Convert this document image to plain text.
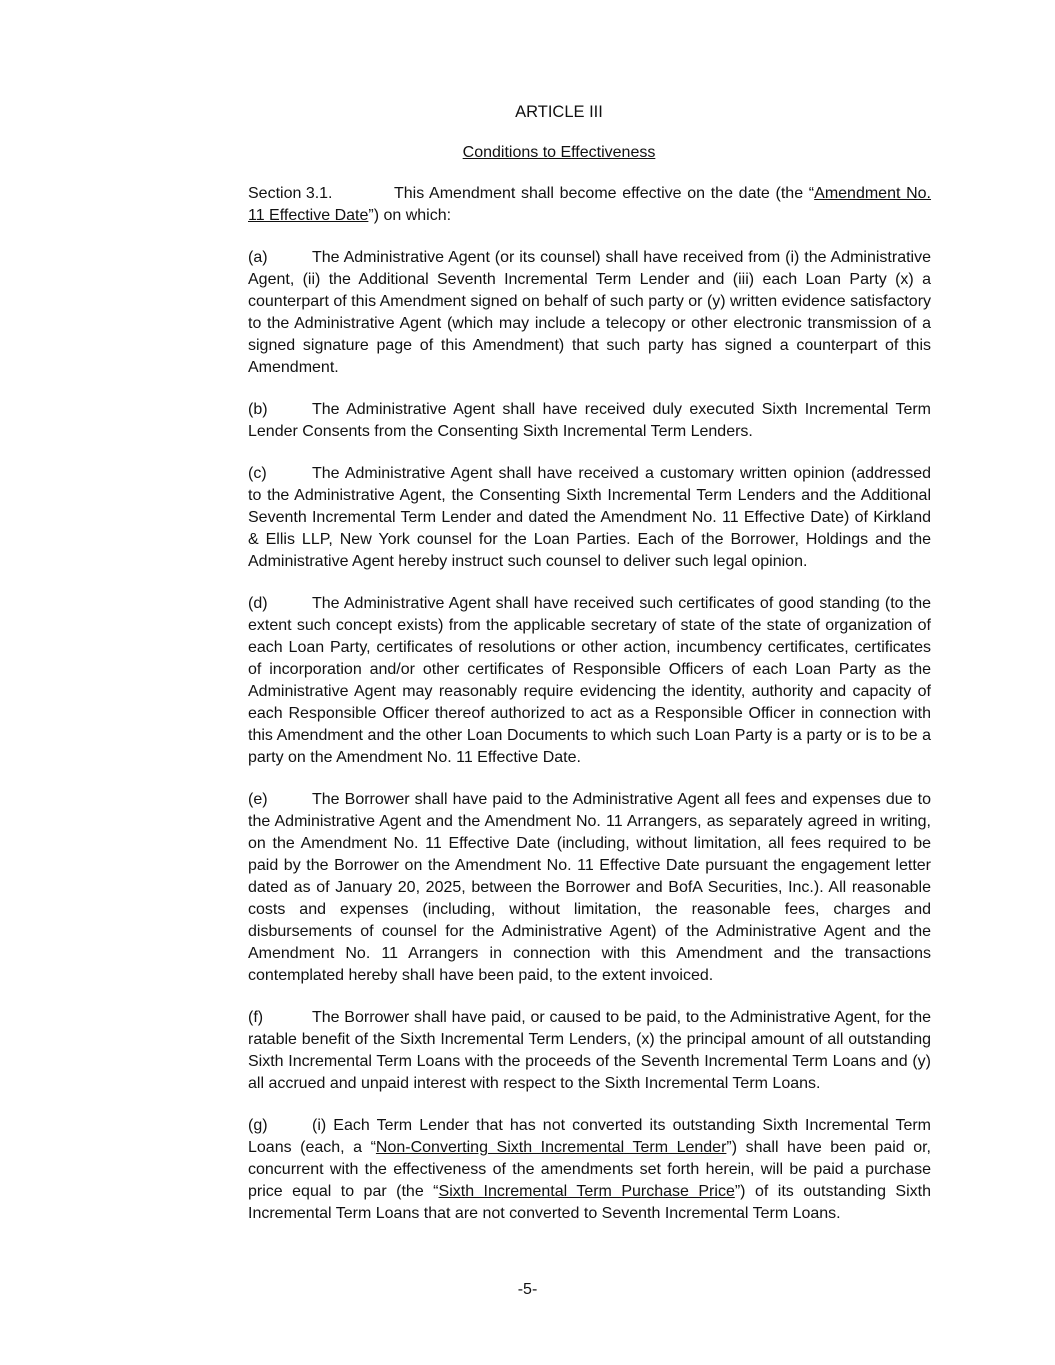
ARTICLE III
Conditions to Effectiveness

Section 3.1.	This Amendment shall become effective on the date (the “Amendment No. 11 Effective Date”) on which:

(a)	The Administrative Agent (or its counsel) shall have received from (i) the Administrative Agent, (ii) the Additional Seventh Incremental Term Lender and (iii) each Loan Party (x) a counterpart of this Amendment signed on behalf of such party or (y) written evidence satisfactory to the Administrative Agent (which may include a telecopy or other electronic transmission of a signed signature page of this Amendment) that such party has signed a counterpart of this Amendment.

(b)	The Administrative Agent shall have received duly executed Sixth Incremental Term Lender Consents from the Consenting Sixth Incremental Term Lenders.

(c)	The Administrative Agent shall have received a customary written opinion (addressed to the Administrative Agent, the Consenting Sixth Incremental Term Lenders and the Additional Seventh Incremental Term Lender and dated the Amendment No. 11 Effective Date) of Kirkland & Ellis LLP, New York counsel for the Loan Parties. Each of the Borrower, Holdings and the Administrative Agent hereby instruct such counsel to deliver such legal opinion.

(d)	The Administrative Agent shall have received such certificates of good standing (to the extent such concept exists) from the applicable secretary of state of the state of organization of each Loan Party, certificates of resolutions or other action, incumbency certificates, certificates of incorporation and/or other certificates of Responsible Officers of each Loan Party as the Administrative Agent may reasonably require evidencing the identity, authority and capacity of each Responsible Officer thereof authorized to act as a Responsible Officer in connection with this Amendment and the other Loan Documents to which such Loan Party is a party or is to be a party on the Amendment No. 11 Effective Date.

(e)	The Borrower shall have paid to the Administrative Agent all fees and expenses due to the Administrative Agent and the Amendment No. 11 Arrangers, as separately agreed in writing, on the Amendment No. 11 Effective Date (including, without limitation, all fees required to be paid by the Borrower on the Amendment No. 11 Effective Date pursuant the engagement letter dated as of January 20, 2025, between the Borrower and BofA Securities, Inc.). All reasonable costs and expenses (including, without limitation, the reasonable fees, charges and disbursements of counsel for the Administrative Agent) of the Administrative Agent and the Amendment No. 11 Arrangers in connection with this Amendment and the transactions contemplated hereby shall have been paid, to the extent invoiced.

(f)	The Borrower shall have paid, or caused to be paid, to the Administrative Agent, for the ratable benefit of the Sixth Incremental Term Lenders, (x) the principal amount of all outstanding Sixth Incremental Term Loans with the proceeds of the Seventh Incremental Term Loans and (y) all accrued and unpaid interest with respect to the Sixth Incremental Term Loans.

(g)	(i) Each Term Lender that has not converted its outstanding Sixth Incremental Term Loans (each, a “Non-Converting Sixth Incremental Term Lender”) shall have been paid or, concurrent with the effectiveness of the amendments set forth herein, will be paid a purchase price equal to par (the “Sixth Incremental Term Purchase Price”) of its outstanding Sixth Incremental Term Loans that are not converted to Seventh Incremental Term Loans.

-5-
